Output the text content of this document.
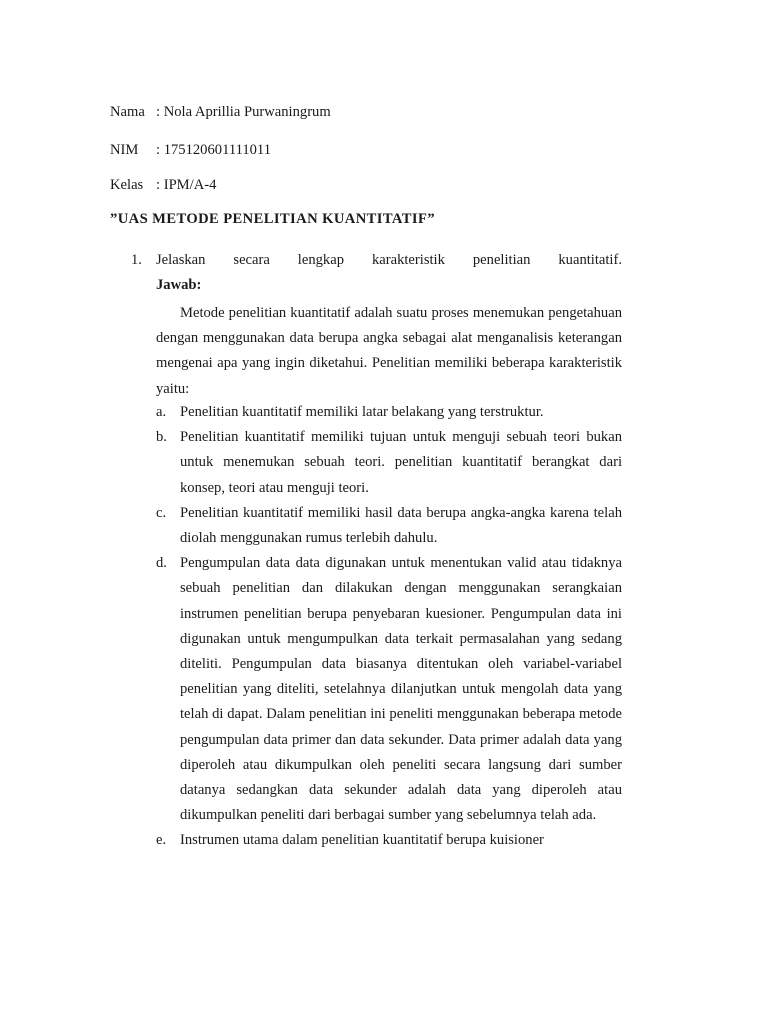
Nama : Nola Aprillia Purwaningrum
NIM : 175120601111011
Kelas : IPM/A-4
”UAS METODE PENELITIAN KUANTITATIF”
1. Jelaskan secara lengkap karakteristik penelitian kuantitatif.
Jawab:

Metode penelitian kuantitatif adalah suatu proses menemukan pengetahuan dengan menggunakan data berupa angka sebagai alat menganalisis keterangan mengenai apa yang ingin diketahui. Penelitian memiliki beberapa karakteristik yaitu:

a. Penelitian kuantitatif memiliki latar belakang yang terstruktur.
b. Penelitian kuantitatif memiliki tujuan untuk menguji sebuah teori bukan untuk menemukan sebuah teori. penelitian kuantitatif berangkat dari konsep, teori atau menguji teori.
c. Penelitian kuantitatif memiliki hasil data berupa angka-angka karena telah diolah menggunakan rumus terlebih dahulu.
d. Pengumpulan data data digunakan untuk menentukan valid atau tidaknya sebuah penelitian dan dilakukan dengan menggunakan serangkaian instrumen penelitian berupa penyebaran kuesioner. Pengumpulan data ini digunakan untuk mengumpulkan data terkait permasalahan yang sedang diteliti. Pengumpulan data biasanya ditentukan oleh variabel-variabel penelitian yang diteliti, setelahnya dilanjutkan untuk mengolah data yang telah di dapat. Dalam penelitian ini peneliti menggunakan beberapa metode pengumpulan data primer dan data sekunder. Data primer adalah data yang diperoleh atau dikumpulkan oleh peneliti secara langsung dari sumber datanya sedangkan data sekunder adalah data yang diperoleh atau dikumpulkan peneliti dari berbagai sumber yang sebelumnya telah ada.
e. Instrumen utama dalam penelitian kuantitatif berupa kuisioner
